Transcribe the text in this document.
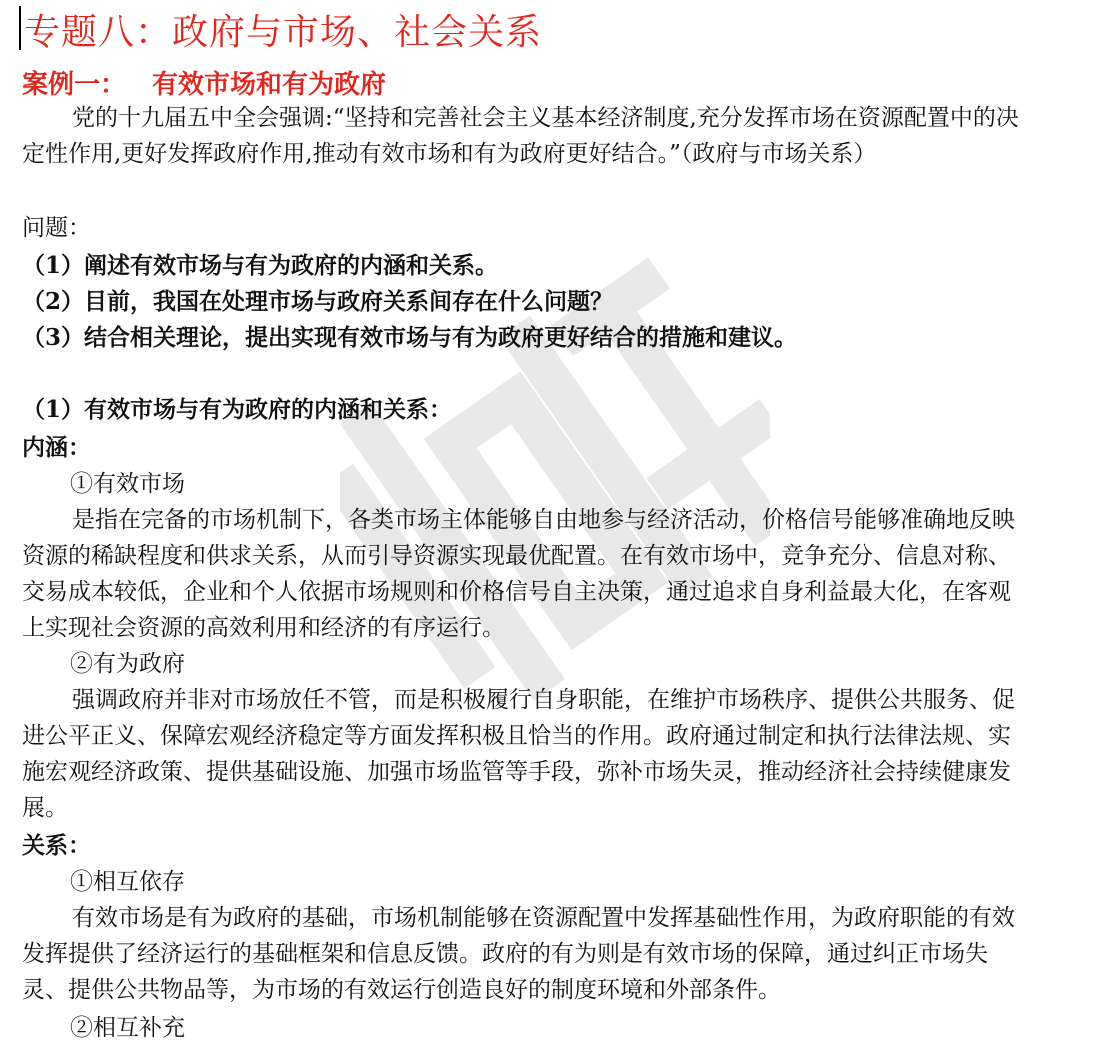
专题八：政府与市场、社会关系
案例一： 有效市场和有为政府

党的十九届五中全会强调:“坚持和完善社会主义基本经济制度,充分发挥市场在资源配置中的决定性作用,更好发挥政府作用,推动有效市场和有为政府更好结合。”（政府与市场关系）

问题：

（1）阐述有效市场与有为政府的内涵和关系。

（2）目前，我国在处理市场与政府关系间存在什么问题？

（3）结合相关理论，提出实现有效市场与有为政府更好结合的措施和建议。

（1）有效市场与有为政府的内涵和关系：

内涵：

①有效市场

是指在完备的市场机制下，各类市场主体能够自由地参与经济活动，价格信号能够准确地反映资源的稀缺程度和供求关系，从而引导资源实现最优配置。在有效市场中，竞争充分、信息对称、交易成本较低，企业和个人依据市场规则和价格信号自主决策，通过追求自身利益最大化，在客观上实现社会资源的高效利用和经济的有序运行。

②有为政府

强调政府并非对市场放任不管，而是积极履行自身职能，在维护市场秩序、提供公共服务、促进公平正义、保障宏观经济稳定等方面发挥积极且恰当的作用。政府通过制定和执行法律法规、实施宏观经济政策、提供基础设施、加强市场监管等手段，弥补市场失灵，推动经济社会持续健康发展。

关系：

①相互依存

有效市场是有为政府的基础，市场机制能够在资源配置中发挥基础性作用，为政府职能的有效发挥提供了经济运行的基础框架和信息反馈。政府的有为则是有效市场的保障，通过纠正市场失灵、提供公共物品等，为市场的有效运行创造良好的制度环境和外部条件。

②相互补充
